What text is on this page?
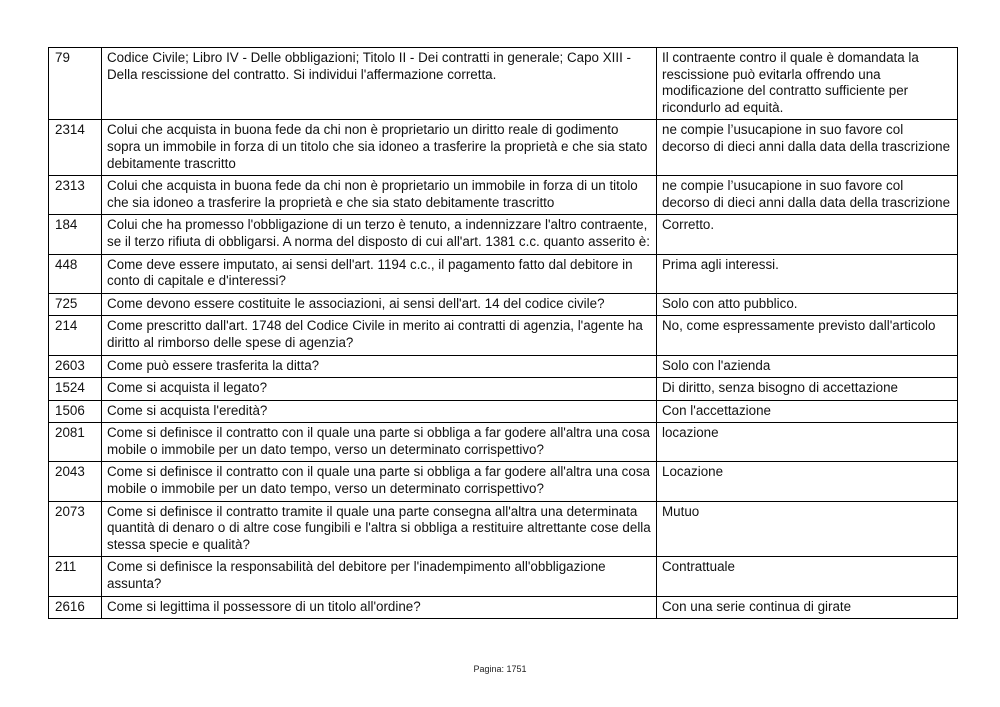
79	Codice Civile; Libro IV - Delle obbligazioni; Titolo II - Dei contratti in generale; Capo XIII - Della rescissione del contratto. Si individui l'affermazione corretta.	Il contraente contro il quale è domandata la rescissione può evitarla offrendo una modificazione del contratto sufficiente per ricondurlo ad equità.
2314	Colui che acquista in buona fede da chi non è proprietario un diritto reale di godimento sopra un immobile in forza di un titolo che sia idoneo a trasferire la proprietà e che sia stato debitamente trascritto	ne compie l’usucapione in suo favore col decorso di dieci anni dalla data della trascrizione
2313	Colui che acquista in buona fede da chi non è proprietario un immobile in forza di un titolo che sia idoneo a trasferire la proprietà e che sia stato debitamente trascritto	ne compie l’usucapione in suo favore col decorso di dieci anni dalla data della trascrizione
184	Colui che ha promesso l'obbligazione di un terzo è tenuto, a indennizzare l'altro contraente, se il terzo rifiuta di obbligarsi. A norma del disposto di cui all'art. 1381 c.c. quanto asserito è:	Corretto.
448	Come deve essere imputato, ai sensi dell'art. 1194 c.c., il pagamento fatto dal debitore in conto di capitale e d'interessi?	Prima agli interessi.
725	Come devono essere costituite le associazioni, ai sensi dell'art. 14 del codice civile?	Solo con atto pubblico.
214	Come prescritto dall'art. 1748 del Codice Civile in merito ai contratti di agenzia, l'agente ha diritto al rimborso delle spese di agenzia?	No, come espressamente previsto dall'articolo
2603	Come può essere trasferita la ditta?	Solo con l'azienda
1524	Come si acquista il legato?	Di diritto, senza bisogno di accettazione
1506	Come si acquista l'eredità?	Con l'accettazione
2081	Come si definisce il contratto con il quale una parte si obbliga a far godere all'altra una cosa mobile o immobile per un dato tempo, verso un determinato corrispettivo?	locazione
2043	Come si definisce il contratto con il quale una parte si obbliga a far godere all'altra una cosa mobile o immobile per un dato tempo, verso un determinato corrispettivo?	Locazione
2073	Come si definisce il contratto tramite il quale una parte consegna all'altra una determinata quantità di denaro o di altre cose fungibili e l'altra si obbliga a restituire altrettante cose della stessa specie e qualità?	Mutuo
211	Come si definisce la responsabilità del debitore per l'inadempimento all'obbligazione assunta?	Contrattuale
2616	Come si legittima il possessore di un titolo all'ordine?	Con una serie continua di girate
Pagina: 1751
